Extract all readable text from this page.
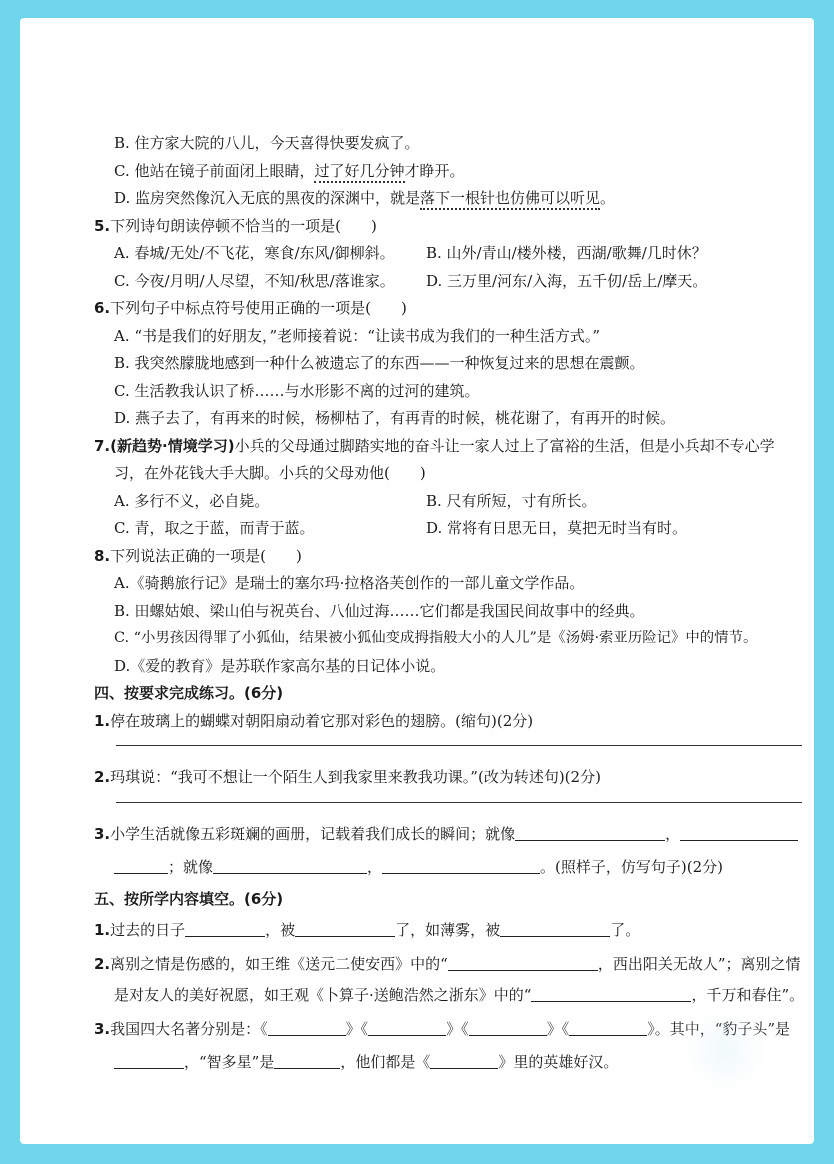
B. 住方家大院的八儿，今天喜得快要发疯了。
C. 他站在镜子前面闭上眼睛，过了好几分钟才睁开。
D. 监房突然像沉入无底的黑夜的深渊中，就是落下一根针也仿佛可以听见。
5.下列诗句朗读停顿不恰当的一项是(　　)
A. 春城/无处/不飞花，寒食/东风/御柳斜。	B. 山外/青山/楼外楼，西湖/歌舞/几时休？
C. 今夜/月明/人尽望，不知/秋思/落谁家。	D. 三万里/河东/入海，五千仞/岳上/摩天。
6.下列句子中标点符号使用正确的一项是(　　)
A. “书是我们的好朋友，”老师接着说：“让读书成为我们的一种生活方式。”
B. 我突然朦胧地感到一种什么被遗忘了的东西——一种恢复过来的思想在震颤。
C. 生活教我认识了桥……与水形影不离的过河的建筑。
D. 燕子去了，有再来的时候，杨柳枯了，有再青的时候，桃花谢了，有再开的时候。
7.(新趋势·情境学习)小兵的父母通过脚踏实地的奋斗让一家人过上了富裕的生活，但是小兵却不专心学
习，在外花钱大手大脚。小兵的父母劝他(　　)
A. 多行不义，必自毙。	B. 尺有所短，寸有所长。
C. 青，取之于蓝，而青于蓝。	D. 常将有日思无日，莫把无时当有时。
8.下列说法正确的一项是(　　)
A.《骑鹅旅行记》是瑞士的塞尔玛·拉格洛芙创作的一部儿童文学作品。
B. 田螺姑娘、梁山伯与祝英台、八仙过海……它们都是我国民间故事中的经典。
C. “小男孩因得罪了小狐仙，结果被小狐仙变成拇指般大小的人儿”是《汤姆·索亚历险记》中的情节。
D.《爱的教育》是苏联作家高尔基的日记体小说。
四、按要求完成练习。(6分)
1.停在玻璃上的蝴蝶对朝阳扇动着它那对彩色的翅膀。(缩句)(2分)
2.玛琪说：“我可不想让一个陌生人到我家里来教我功课。”(改为转述句)(2分)
3.小学生活就像五彩斑斓的画册，记载着我们成长的瞬间；就像	，
；就像	，	。(照样子，仿写句子)(2分)
五、按所学内容填空。(6分)
1.过去的日子	，被	了，如薄雾，被	了。
2.离别之情是伤感的，如王维《送元二使安西》中的“	，西出阳关无故人”；离别之情
是对友人的美好祝愿，如王观《卜算子·送鲍浩然之浙东》中的“	，千万和春住”。
3.我国四大名著分别是：《	》《	》《	》《	》。其中，“豹子头”是
，“智多星”是	，他们都是《	》里的英雄好汉。
